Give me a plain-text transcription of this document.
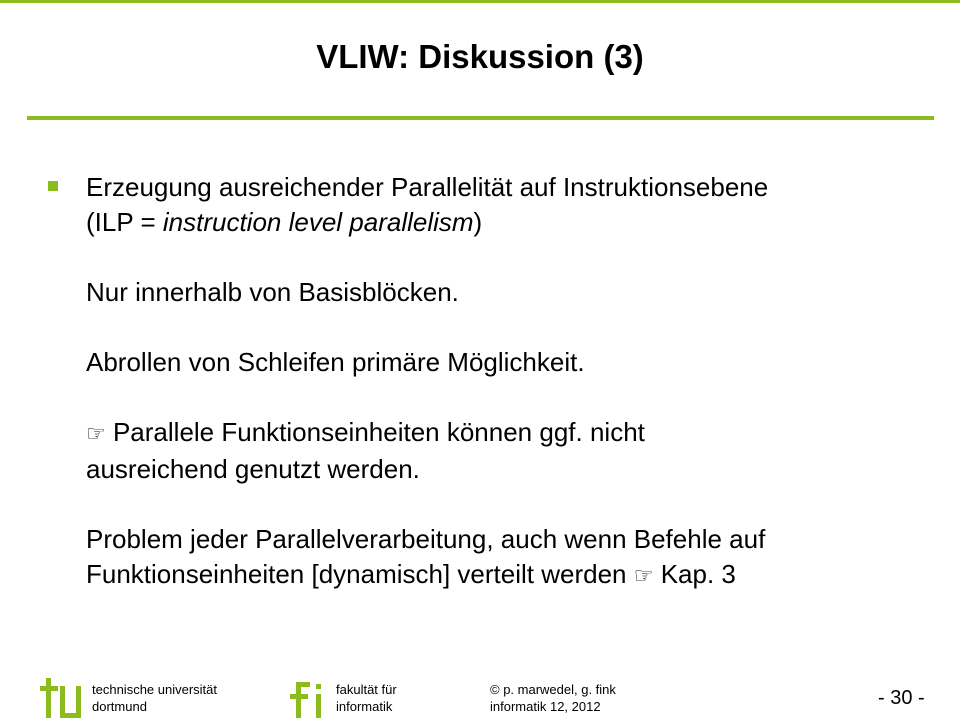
VLIW: Diskussion (3)
Erzeugung ausreichender Parallelität auf Instruktionsebene
(ILP = instruction level parallelism)
Nur innerhalb von Basisblöcken.
Abrollen von Schleifen primäre Möglichkeit.
☞ Parallele Funktionseinheiten können ggf. nicht
ausreichend genutzt werden.
Problem jeder Parallelverarbeitung, auch wenn Befehle auf
Funktionseinheiten [dynamisch] verteilt werden ☞ Kap. 3
technische universität
dortmund
fakultät für
informatik
© p. marwedel, g. fink
informatik 12, 2012	- 30 -
